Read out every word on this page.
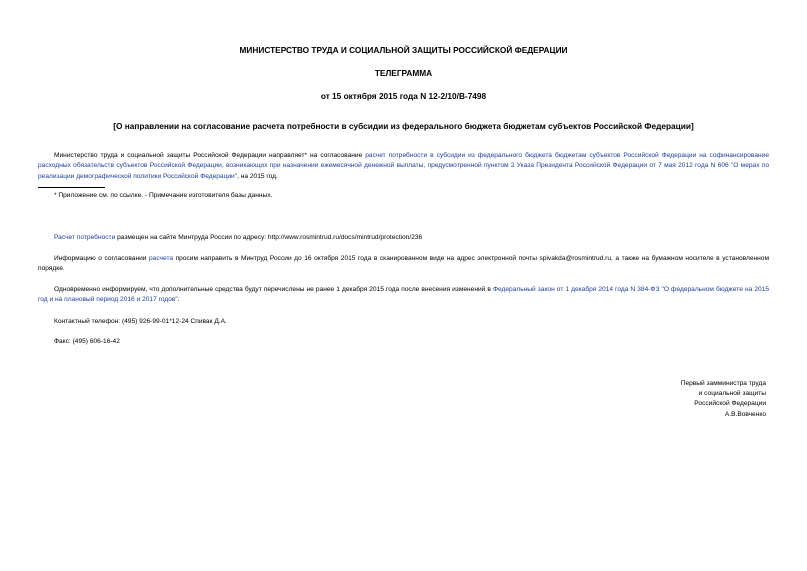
МИНИСТЕРСТВО ТРУДА И СОЦИАЛЬНОЙ ЗАЩИТЫ РОССИЙСКОЙ ФЕДЕРАЦИИ
ТЕЛЕГРАММА
от 15 октября 2015 года N 12-2/10/В-7498
[О направлении на согласование расчета потребности в субсидии из федерального бюджета бюджетам субъектов Российской Федерации]
Министерство труда и социальной защиты Российской Федерации направляет* на согласование расчет потребности в субсидии из федерального бюджета бюджетам субъектов Российской Федерации на софинансирование расходных обязательств субъектов Российской Федерации, возникающих при назначении ежемесячной денежной выплаты, предусмотренной пунктом 2 Указа Президента Российской Федерации от 7 мая 2012 года N 606 "О мерах по реализации демографической политики Российской Федерации", на 2015 год.
* Приложение см. по ссылке. - Примечание изготовителя базы данных.
Расчет потребности размещен на сайте Минтруда России по адресу: http://www.rosmintrud.ru/docs/mintrud/protection/236
Информацию о согласовании расчета просим направить в Минтруд России до 16 октября 2015 года в сканированном виде на адрес электронной почты spivakda@rosmintrud.ru, а также на бумажном носителе в установленном порядке.
Одновременно информируем, что дополнительные средства будут перечислены не ранее 1 декабря 2015 года после внесения изменений в Федеральный закон от 1 декабря 2014 года N 384-ФЗ "О федеральном бюджете на 2015 год и на плановый период 2016 и 2017 годов".
Контактный телефон: (495) 926-99-01*12-24 Спивак Д.А.
Факс: (495) 606-16-42
Первый замминистра труда
и социальной защиты
Российской Федерации
А.В.Вовченко
